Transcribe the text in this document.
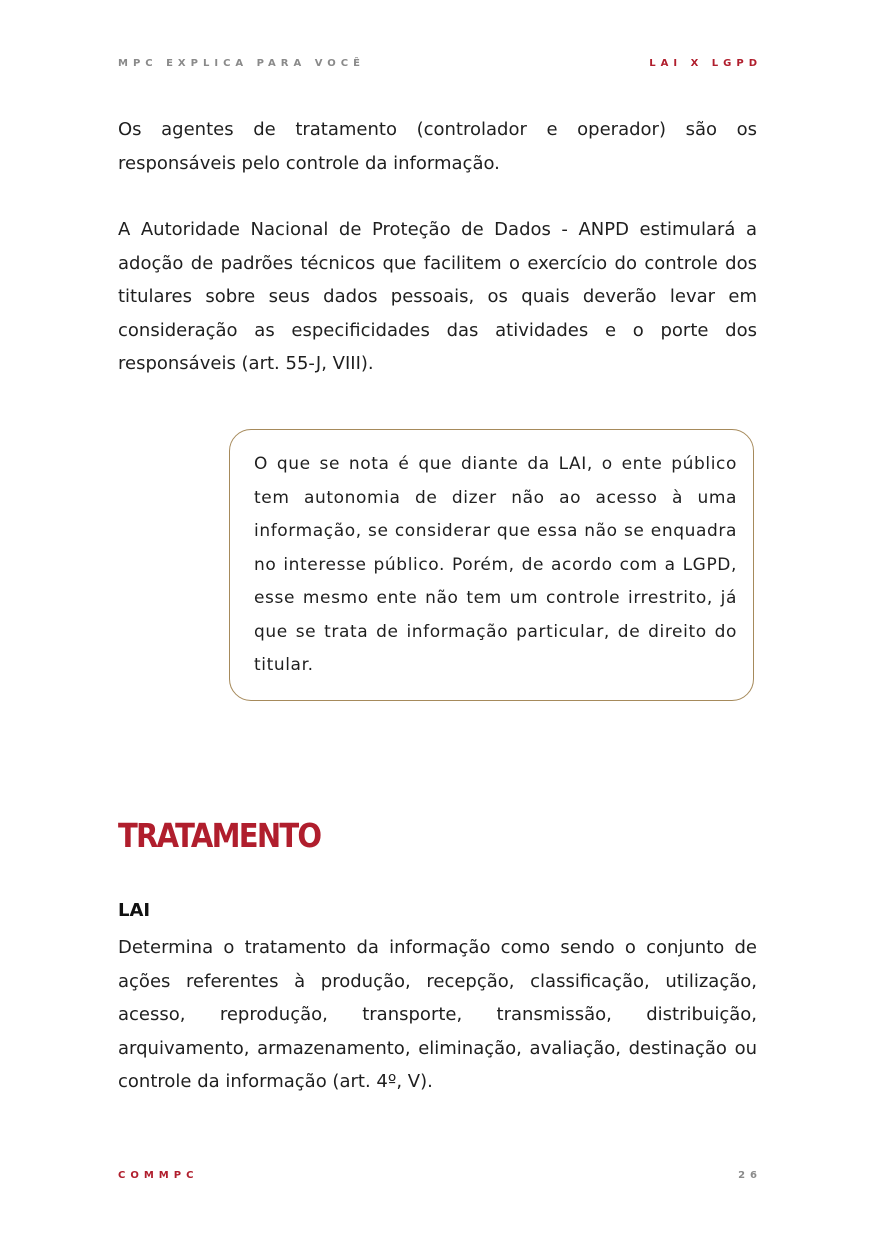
MPC EXPLICA PARA VOCÊ	LAI X LGPD

Os agentes de tratamento (controlador e operador) são os responsáveis pelo controle da informação.

A Autoridade Nacional de Proteção de Dados - ANPD estimulará a adoção de padrões técnicos que facilitem o exercício do controle dos titulares sobre seus dados pessoais, os quais deverão levar em consideração as especificidades das atividades e o porte dos responsáveis (art. 55-J, VIII).

O que se nota é que diante da LAI, o ente público tem autonomia de dizer não ao acesso à uma informação, se considerar que essa não se enquadra no interesse público. Porém, de acordo com a LGPD, esse mesmo ente não tem um controle irrestrito, já que se trata de informação particular, de direito do titular.

TRATAMENTO
LAI

Determina o tratamento da informação como sendo o conjunto de ações referentes à produção, recepção, classificação, utilização, acesso, reprodução, transporte, transmissão, distribuição, arquivamento, armazenamento, eliminação, avaliação, destinação ou controle da informação (art. 4º, V).

COMMPC	26
